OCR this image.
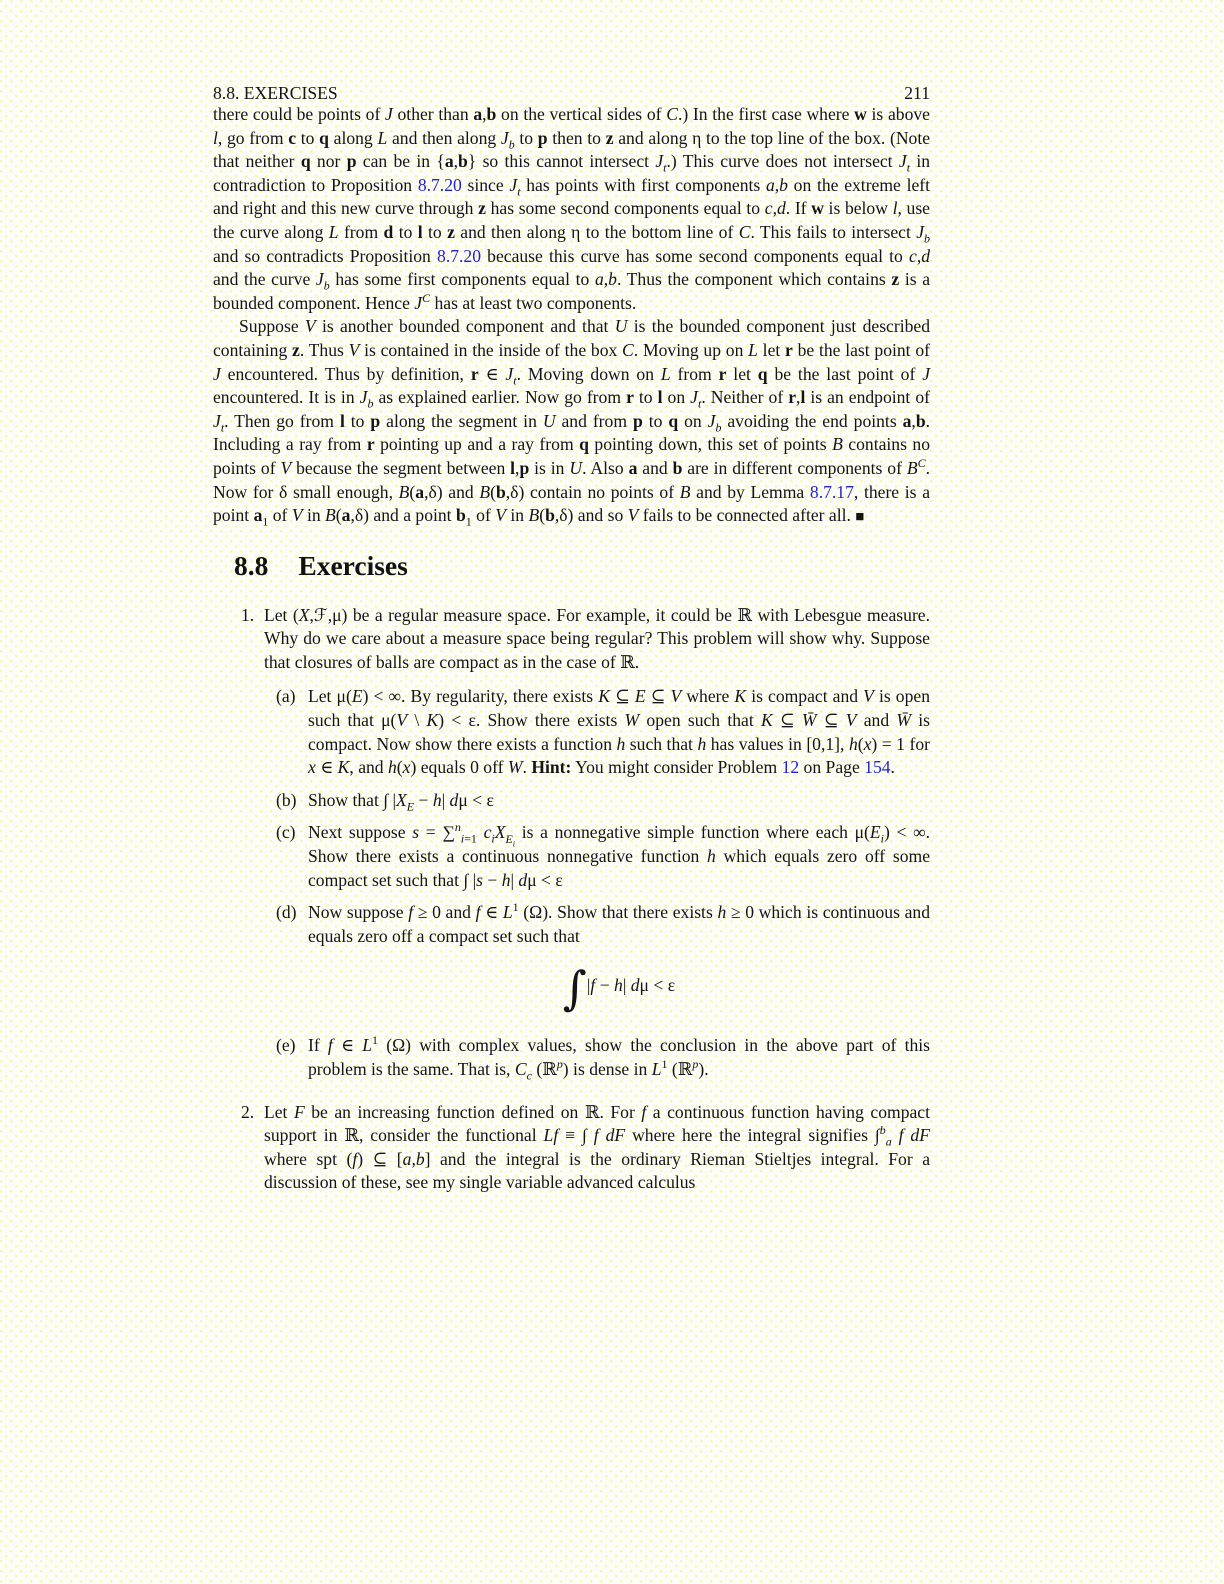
8.8. EXERCISES	211

there could be points of J other than a,b on the vertical sides of C.) In the first case where w is above l, go from c to q along L and then along $J_b$ to p then to z and along η to the top line of the box. (Note that neither q nor p can be in {a,b} so this cannot intersect $J_t$.) This curve does not intersect $J_t$ in contradiction to Proposition 8.7.20 since $J_t$ has points with first components a,b on the extreme left and right and this new curve through z has some second components equal to c,d. If w is below l, use the curve along L from d to l to z and then along η to the bottom line of C. This fails to intersect $J_b$ and so contradicts Proposition 8.7.20 because this curve has some second components equal to c,d and the curve $J_b$ has some first components equal to a,b. Thus the component which contains z is a bounded component. Hence $J^C$ has at least two components.

Suppose V is another bounded component and that U is the bounded component just described containing z. Thus V is contained in the inside of the box C. Moving up on L let r be the last point of J encountered. Thus by definition, r ∈ $J_t$. Moving down on L from r let q be the last point of J encountered. It is in $J_b$ as explained earlier. Now go from r to l on $J_t$. Neither of r,l is an endpoint of $J_t$. Then go from l to p along the segment in U and from p to q on $J_b$ avoiding the end points a,b. Including a ray from r pointing up and a ray from q pointing down, this set of points B contains no points of V because the segment between l,p is in U. Also a and b are in different components of $B^C$. Now for δ small enough, B(a,δ) and B(b,δ) contain no points of B and by Lemma 8.7.17, there is a point $a_1$ of V in B(a,δ) and a point $b_1$ of V in B(b,δ) and so V fails to be connected after all. ■

8.8 Exercises
1. Let (X,ℱ,μ) be a regular measure space. For example, it could be ℝ with Lebesgue measure. Why do we care about a measure space being regular? This problem will show why. Suppose that closures of balls are compact as in the case of ℝ.

(a) Let μ(E) < ∞. By regularity, there exists K ⊆ E ⊆ V where K is compact and V is open such that μ(V \ K) < ε. Show there exists W open such that K ⊆ W̄ ⊆ V and W̄ is compact. Now show there exists a function h such that h has values in [0,1], h(x) = 1 for x ∈ K, and h(x) equals 0 off W. Hint: You might consider Problem 12 on Page 154.

(b) Show that ∫ $|X_E - h|$ dμ < ε

(c) Next suppose s = ∑$^n_{i=1}$ $c_iX_{E_i}$ is a nonnegative simple function where each $\mu(E_i)$ < ∞. Show there exists a continuous nonnegative function h which equals zero off some compact set such that ∫ |s − h| dμ < ε

(d) Now suppose f ≥ 0 and f ∈ $L^1$ (Ω). Show that there exists h ≥ 0 which is continuous and equals zero off a compact set such that

∫|f − h| dμ < ε
(e) If f ∈ $L^1$ (Ω) with complex values, show the conclusion in the above part of this problem is the same. That is, $C_c$ (ℝ$^p$) is dense in $L^1$ (ℝ$^p$).

2. Let F be an increasing function defined on ℝ. For f a continuous function having compact support in ℝ, consider the functional Lf ≡ ∫ f dF where here the integral signifies ∫$^b_a$ f dF where spt (f) ⊆ [a,b] and the integral is the ordinary Rieman Stieltjes integral. For a discussion of these, see my single variable advanced calculus
